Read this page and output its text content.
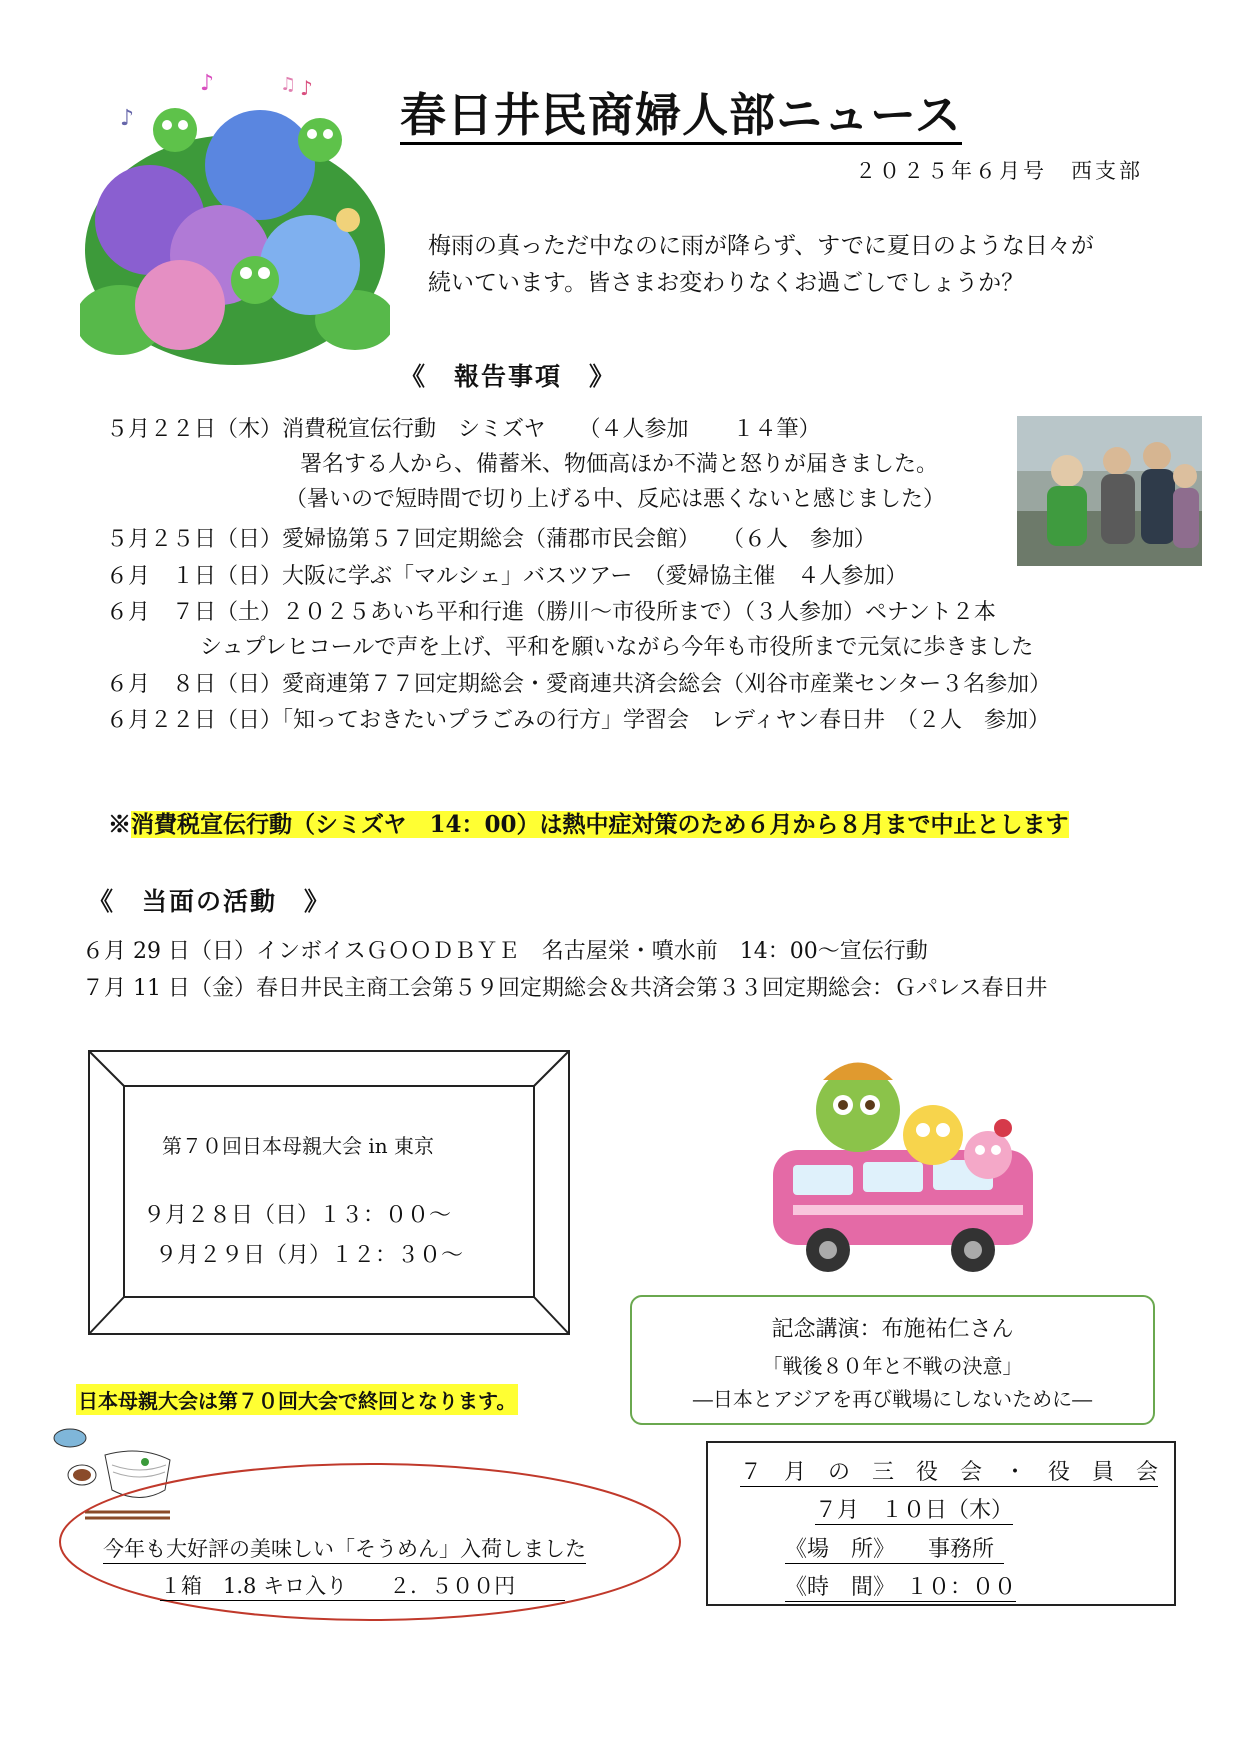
♪
♪
♪
♫
春日井民商婦人部ニュース
２０２５年６月号　西支部
梅雨の真っただ中なのに雨が降らず、すでに夏日のような日々が
続いています。皆さまお変わりなくお過ごしでしょうか？
《　報告事項　》
５月２２日（木）消費税宣伝行動　シミズヤ　　（４人参加　　１４筆）
署名する人から、備蓄米、物価高ほか不満と怒りが届きました。
（暑いので短時間で切り上げる中、反応は悪くないと感じました）
５月２５日（日）愛婦協第５７回定期総会（蒲郡市民会館）　　（６人　参加）
６月　１日（日）大阪に学ぶ「マルシェ」バスツアー　（愛婦協主催　４人参加）
６月　７日（土）２０２５あいち平和行進（勝川～市役所まで）（３人参加）ペナント２本
シュプレヒコールで声を上げ、平和を願いながら今年も市役所まで元気に歩きました
６月　８日（日）愛商連第７７回定期総会・愛商連共済会総会（刈谷市産業センター３名参加）
６月２２日（日）「知っておきたいプラごみの行方」学習会　レディヤン春日井　（２人　参加）
※消費税宣伝行動（シミズヤ　14：00）は熱中症対策のため６月から８月まで中止とします
《　当面の活動　》
６月 29 日（日）インボイスＧＯＯＤＢＹＥ　名古屋栄・噴水前　14：00～宣伝行動
７月 11 日（金）春日井民主商工会第５９回定期総会＆共済会第３３回定期総会：Ｇパレス春日井
第７０回日本母親大会 in 東京
９月２８日（日）１３：００～
９月２９日（月）１２：３０～
日本母親大会は第７０回大会で終回となります。
記念講演：布施祐仁さん
「戦後８０年と不戦の決意」
―日本とアジアを再び戦場にしないために―
今年も大好評の美味しい「そうめん」入荷しました
１箱　1.8 キロ入り　　２．５００円
７　月　の　三　役　会　・　役　員　会
７月　１０日（木）
《場　所》　　事務所
《時　間》　１０：００
